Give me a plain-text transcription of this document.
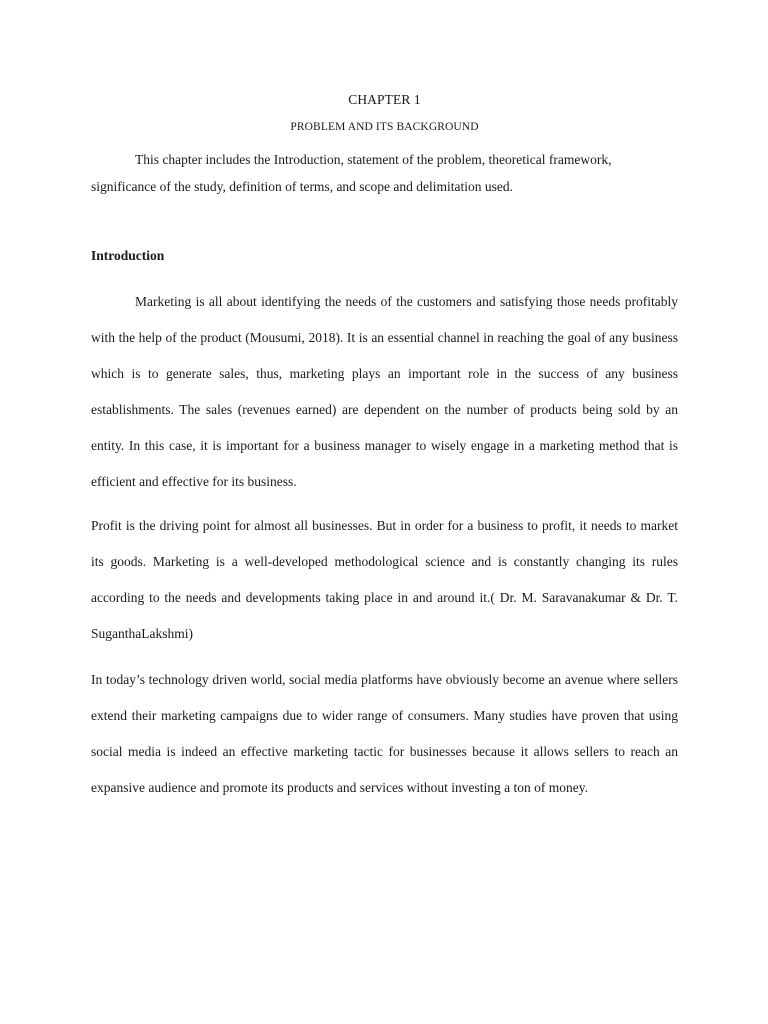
CHAPTER 1
PROBLEM AND ITS BACKGROUND

This chapter includes the Introduction, statement of the problem, theoretical framework, significance of the study, definition of terms, and scope and delimitation used.

Introduction

Marketing is all about identifying the needs of the customers and satisfying those needs profitably with the help of the product (Mousumi, 2018). It is an essential channel in reaching the goal of any business which is to generate sales, thus, marketing plays an important role in the success of any business establishments. The sales (revenues earned) are dependent on the number of products being sold by an entity. In this case, it is important for a business manager to wisely engage in a marketing method that is efficient and effective for its business.

Profit is the driving point for almost all businesses. But in order for a business to profit, it needs to market its goods. Marketing is a well-developed methodological science and is constantly changing its rules according to the needs and developments taking place in and around it.( Dr. M. Saravanakumar & Dr. T. SuganthaLakshmi)

In today’s technology driven world, social media platforms have obviously become an avenue where sellers extend their marketing campaigns due to wider range of consumers. Many studies have proven that using social media is indeed an effective marketing tactic for businesses because it allows sellers to reach an expansive audience and promote its products and services without investing a ton of money.
